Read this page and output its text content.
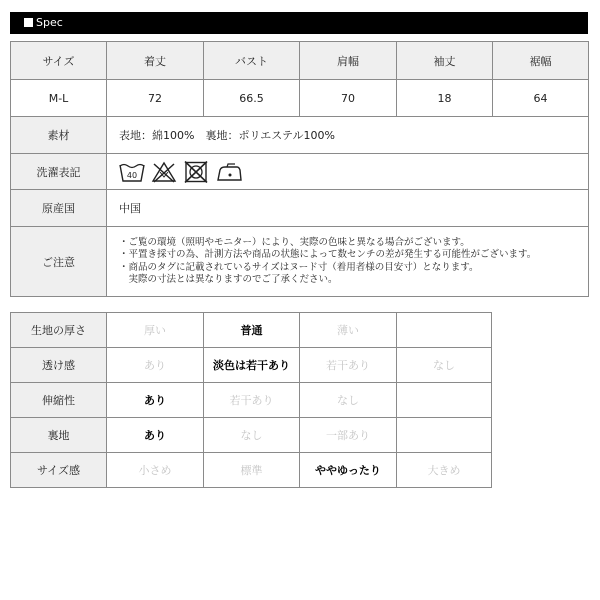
Spec
サイズ	着丈	バスト	肩幅	袖丈	裾幅
M-L	72	66.5	70	18	64
素材	表地：綿100%　裏地：ポリエステル100%				
洗濯表記	40				

原産国	中国				
ご注意	・ご覧の環境（照明やモニター）により、実際の色味と異なる場合がございます。
・平置き採寸の為、計測方法や商品の状態によって数センチの差が発生する可能性がございます。
・商品のタグに記載されているサイズはヌード寸（着用者様の目安寸）となります。
　実際の寸法とは異なりますのでご了承ください。				
生地の厚さ	厚い	普通	薄い	
透け感	あり	淡色は若干あり	若干あり	なし
伸縮性	あり	若干あり	なし	
裏地	あり	なし	一部あり	
サイズ感	小さめ	標準	ややゆったり	大きめ
